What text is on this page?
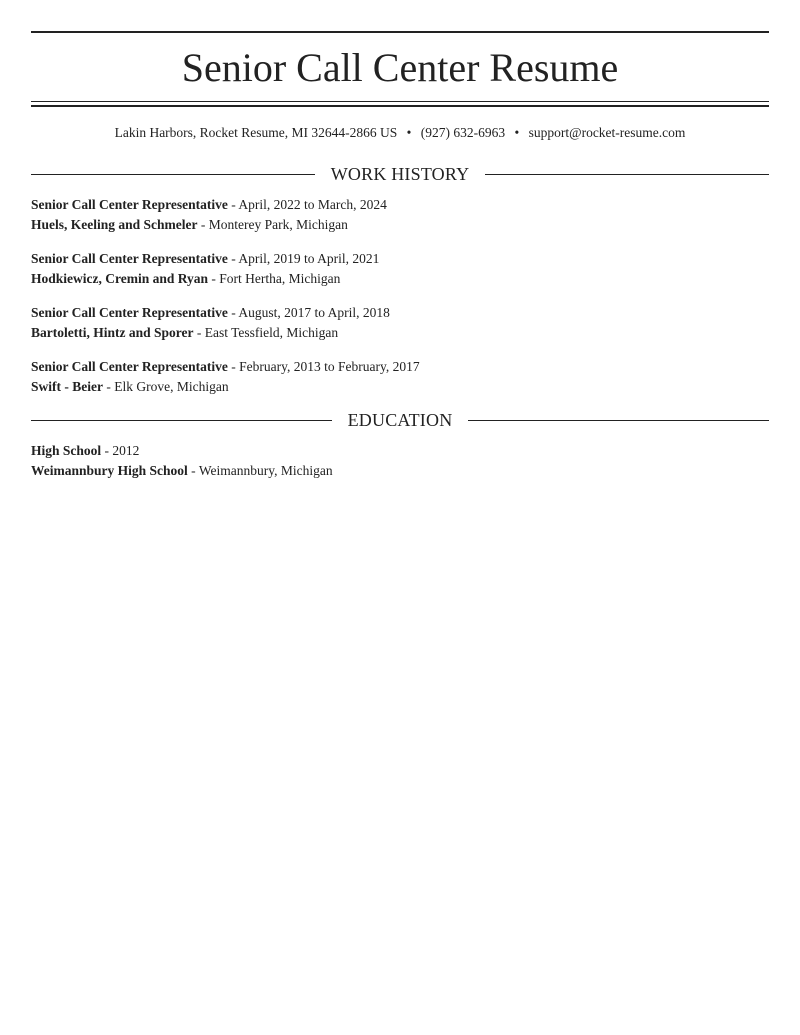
Senior Call Center Resume
Lakin Harbors, Rocket Resume, MI 32644-2866 US • (927) 632-6963 • support@rocket-resume.com
WORK HISTORY
Senior Call Center Representative - April, 2022 to March, 2024
Huels, Keeling and Schmeler - Monterey Park, Michigan
Senior Call Center Representative - April, 2019 to April, 2021
Hodkiewicz, Cremin and Ryan - Fort Hertha, Michigan
Senior Call Center Representative - August, 2017 to April, 2018
Bartoletti, Hintz and Sporer - East Tessfield, Michigan
Senior Call Center Representative - February, 2013 to February, 2017
Swift - Beier - Elk Grove, Michigan
EDUCATION
High School - 2012
Weimannbury High School - Weimannbury, Michigan
